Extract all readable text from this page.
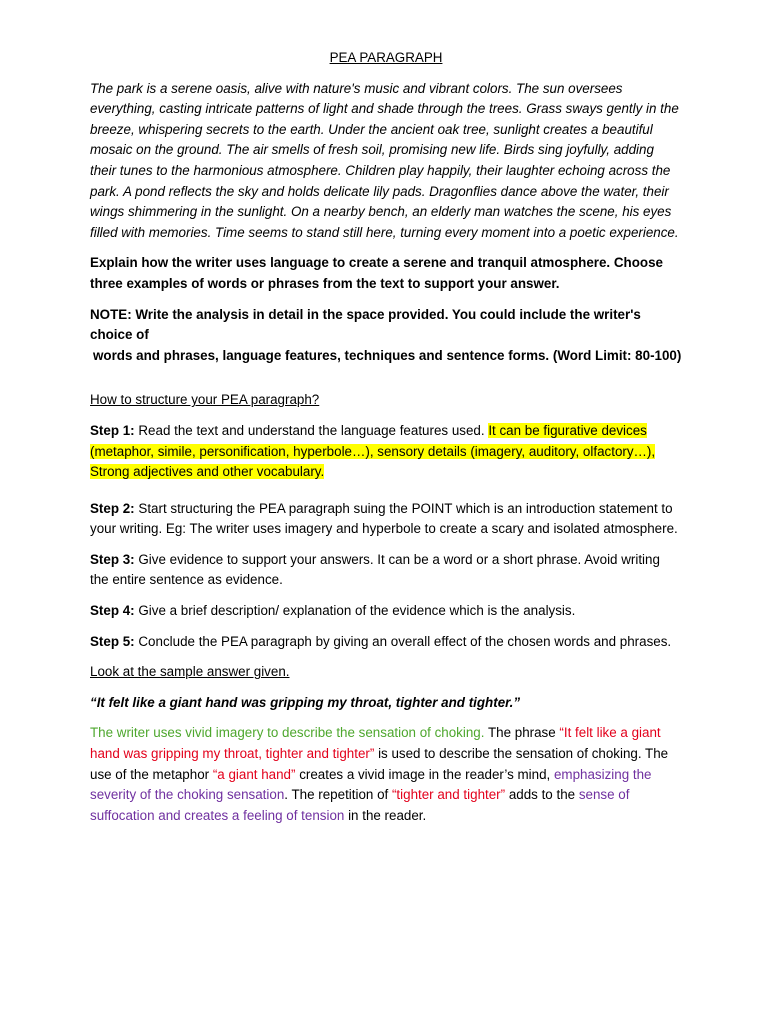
PEA PARAGRAPH

The park is a serene oasis, alive with nature's music and vibrant colors. The sun oversees everything, casting intricate patterns of light and shade through the trees. Grass sways gently in the breeze, whispering secrets to the earth. Under the ancient oak tree, sunlight creates a beautiful mosaic on the ground. The air smells of fresh soil, promising new life. Birds sing joyfully, adding their tunes to the harmonious atmosphere. Children play happily, their laughter echoing across the park. A pond reflects the sky and holds delicate lily pads. Dragonflies dance above the water, their wings shimmering in the sunlight. On a nearby bench, an elderly man watches the scene, his eyes filled with memories. Time seems to stand still here, turning every moment into a poetic experience.

Explain how the writer uses language to create a serene and tranquil atmosphere. Choose three examples of words or phrases from the text to support your answer.

NOTE: Write the analysis in detail in the space provided. You could include the writer's choice of

words and phrases, language features, techniques and sentence forms. (Word Limit: 80-100)

How to structure your PEA paragraph?

Step 1: Read the text and understand the language features used. It can be figurative devices (metaphor, simile, personification, hyperbole…), sensory details (imagery, auditory, olfactory…), Strong adjectives and other vocabulary.

Step 2: Start structuring the PEA paragraph suing the POINT which is an introduction statement to your writing. Eg: The writer uses imagery and hyperbole to create a scary and isolated atmosphere.

Step 3: Give evidence to support your answers. It can be a word or a short phrase. Avoid writing the entire sentence as evidence.

Step 4: Give a brief description/ explanation of the evidence which is the analysis.

Step 5: Conclude the PEA paragraph by giving an overall effect of the chosen words and phrases.

Look at the sample answer given.

“It felt like a giant hand was gripping my throat, tighter and tighter.”

The writer uses vivid imagery to describe the sensation of choking. The phrase “It felt like a giant hand was gripping my throat, tighter and tighter” is used to describe the sensation of choking. The use of the metaphor “a giant hand” creates a vivid image in the reader’s mind, emphasizing the severity of the choking sensation. The repetition of “tighter and tighter” adds to the sense of suffocation and creates a feeling of tension in the reader.
